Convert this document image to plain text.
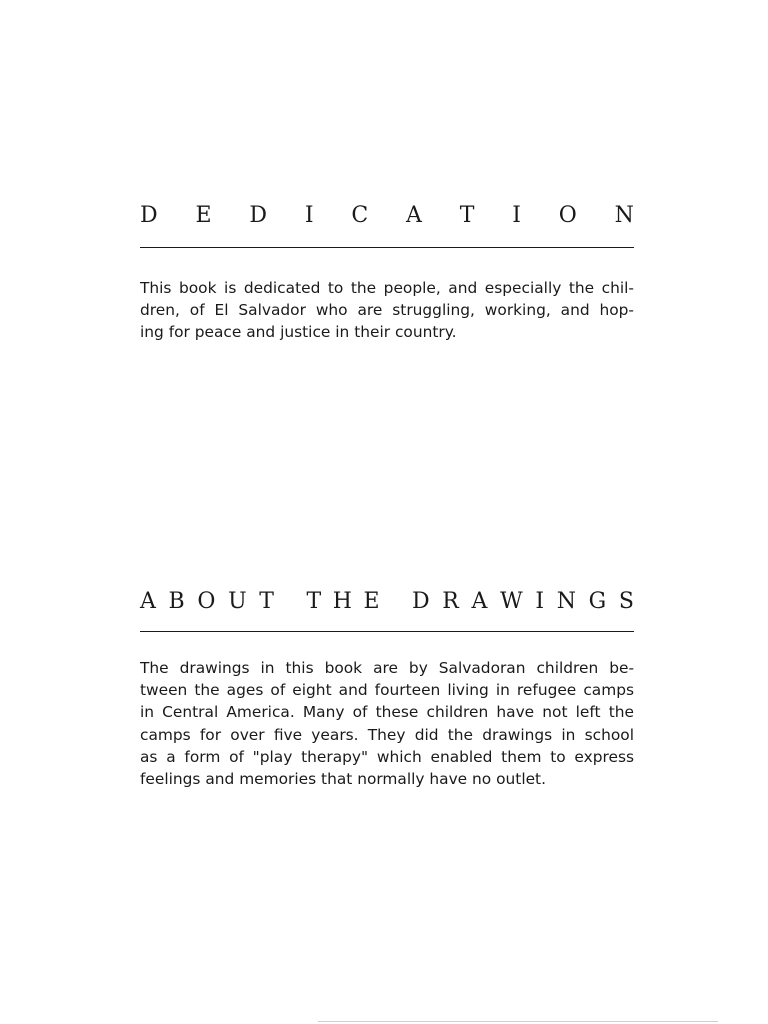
D E D I C A T I O N

This book is dedicated to the people, and especially the chil-
dren, of El Salvador who are struggling, working, and hop-
ing for peace and justice in their country.

A B O U T T H E D R A W I N G S

The drawings in this book are by Salvadoran children be-
tween the ages of eight and fourteen living in refugee camps
in Central America. Many of these children have not left the
camps for over five years. They did the drawings in school
as a form of "play therapy" which enabled them to express
feelings and memories that normally have no outlet.
